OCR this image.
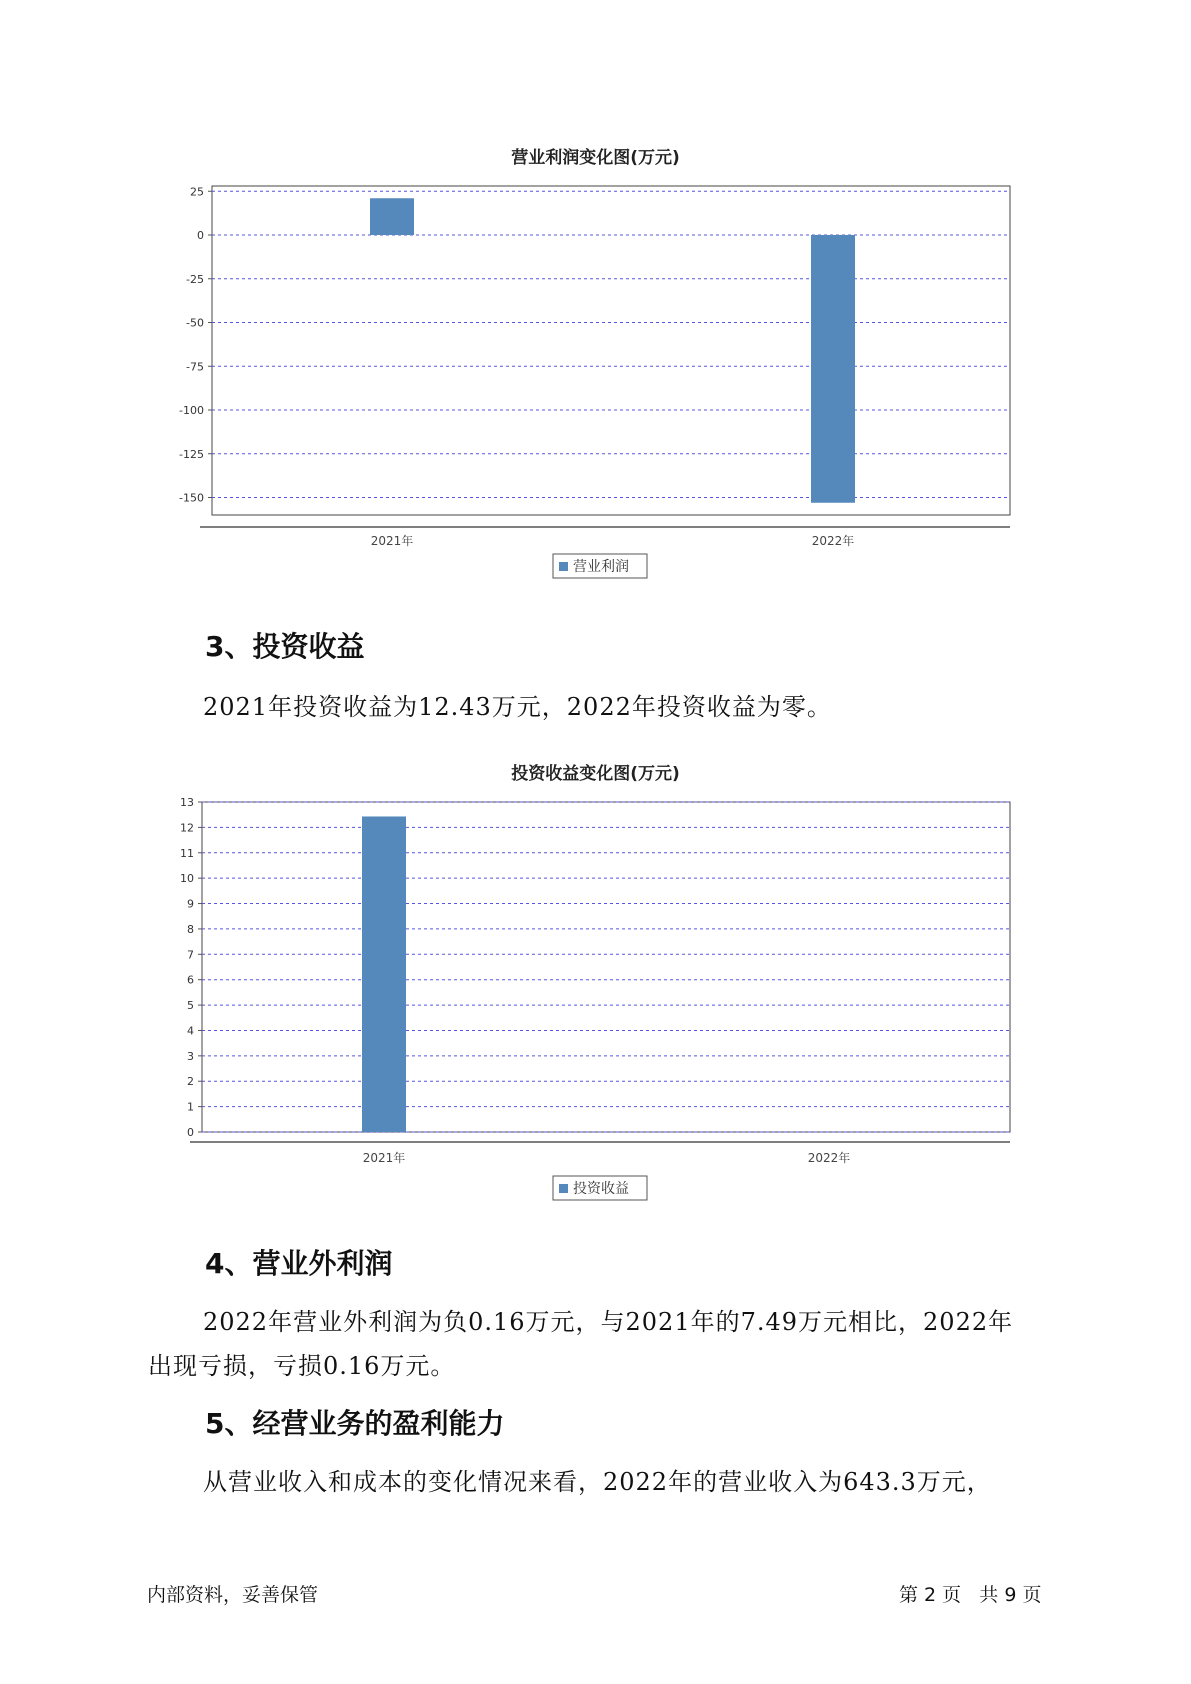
营业利润变化图(万元)
25
0
-25
-50
-75
-100
-125
-150
2021年	2022年
营业利润
3、投资收益
2021年投资收益为12.43万元，2022年投资收益为零。
投资收益变化图(万元)
0
1
2
3
4
5
6
7
8
9
10
11
12
13
2021年	2022年
投资收益
4、营业外利润
2022年营业外利润为负0.16万元，与2021年的7.49万元相比，2022年
出现亏损，亏损0.16万元。
5、经营业务的盈利能力
从营业收入和成本的变化情况来看，2022年的营业收入为643.3万元，
内部资料，妥善保管	第 2 页   共 9 页
